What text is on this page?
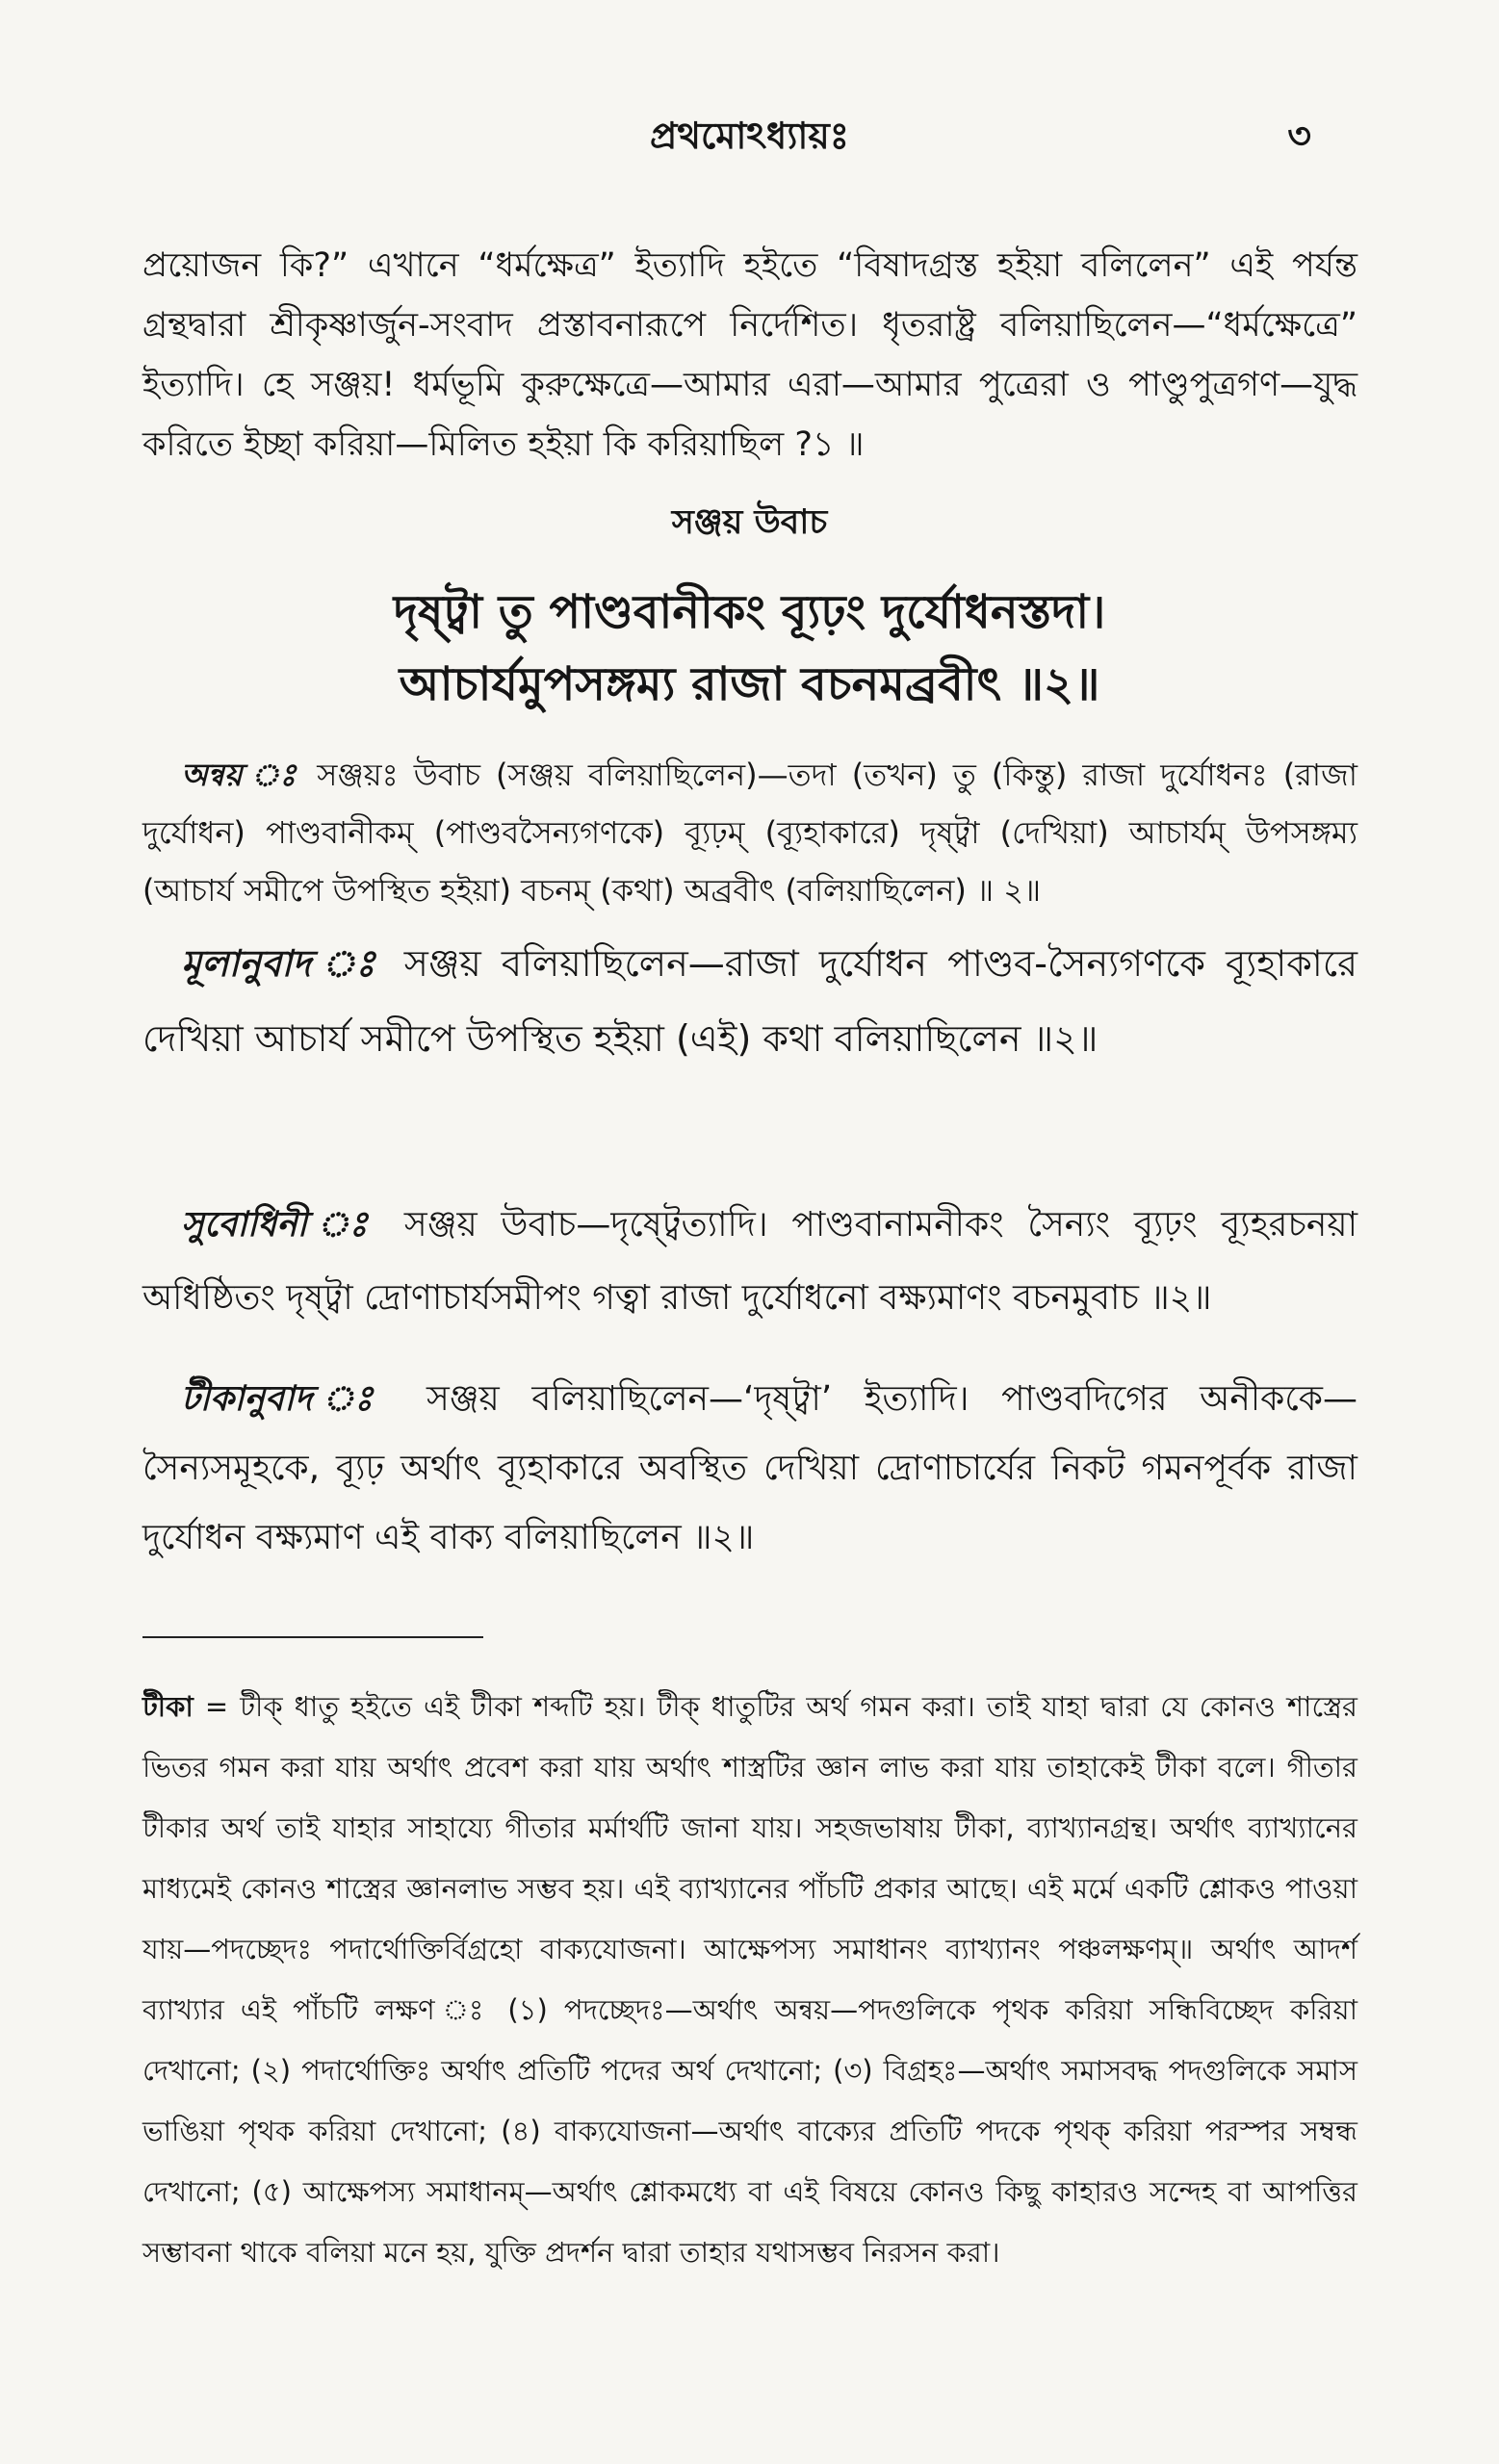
প্রথমোঽধ্যায়ঃ	৩
প্রয়োজন কি?” এখানে “ধর্মক্ষেত্র” ইত্যাদি হইতে “বিষাদগ্রস্ত হইয়া বলিলেন” এই পর্যন্ত গ্রন্থদ্বারা শ্রীকৃষ্ণার্জুন-সংবাদ প্রস্তাবনারূপে নির্দেশিত। ধৃতরাষ্ট্র বলিয়াছিলেন—“ধর্মক্ষেত্রে” ইত্যাদি। হে সঞ্জয়! ধর্মভূমি কুরুক্ষেত্রে—আমার এরা—আমার পুত্রেরা ও পাণ্ডুপুত্রগণ—যুদ্ধ করিতে ইচ্ছা করিয়া—মিলিত হইয়া কি করিয়াছিল ?১ ॥
সঞ্জয় উবাচ
দৃষ্ট্বা তু পাণ্ডবানীকং ব্যূঢ়ং দুর্যোধনস্তদা।
আচার্যমুপসঙ্গম্য রাজা বচনমব্রবীৎ ॥২॥
অন্বয় ঃ সঞ্জয়ঃ উবাচ (সঞ্জয় বলিয়াছিলেন)—তদা (তখন) তু (কিন্তু) রাজা দুর্যোধনঃ (রাজা দুর্যোধন) পাণ্ডবানীকম্ (পাণ্ডবসৈন্যগণকে) ব্যূঢ়ম্ (ব্যূহাকারে) দৃষ্ট্বা (দেখিয়া) আচার্যম্ উপসঙ্গম্য (আচার্য সমীপে উপস্থিত হইয়া) বচনম্ (কথা) অব্রবীৎ (বলিয়াছিলেন) ॥ ২॥
মূলানুবাদ ঃ সঞ্জয় বলিয়াছিলেন—রাজা দুর্যোধন পাণ্ডব-সৈন্যগণকে ব্যূহাকারে দেখিয়া আচার্য সমীপে উপস্থিত হইয়া (এই) কথা বলিয়াছিলেন ॥২॥
সুবোধিনী ঃ সঞ্জয় উবাচ—দৃষ্ট্বেত্যাদি। পাণ্ডবানামনীকং সৈন্যং ব্যূঢ়ং ব্যূহরচনয়া অধিষ্ঠিতং দৃষ্ট্বা দ্রোণাচার্যসমীপং গত্বা রাজা দুর্যোধনো বক্ষ্যমাণং বচনমুবাচ ॥২॥
টীকানুবাদ ঃ সঞ্জয় বলিয়াছিলেন—‘দৃষ্ট্বা’ ইত্যাদি। পাণ্ডবদিগের অনীককে—সৈন্যসমূহকে, ব্যূঢ় অর্থাৎ ব্যূহাকারে অবস্থিত দেখিয়া দ্রোণাচার্যের নিকট গমনপূর্বক রাজা দুর্যোধন বক্ষ্যমাণ এই বাক্য বলিয়াছিলেন ॥২॥
টীকা = টীক্ ধাতু হইতে এই টীকা শব্দটি হয়। টীক্ ধাতুটির অর্থ গমন করা। তাই যাহা দ্বারা যে কোনও শাস্ত্রের ভিতর গমন করা যায় অর্থাৎ প্রবেশ করা যায় অর্থাৎ শাস্ত্রটির জ্ঞান লাভ করা যায় তাহাকেই টীকা বলে। গীতার টীকার অর্থ তাই যাহার সাহায্যে গীতার মর্মার্থটি জানা যায়। সহজভাষায় টীকা, ব্যাখ্যানগ্রন্থ। অর্থাৎ ব্যাখ্যানের মাধ্যমেই কোনও শাস্ত্রের জ্ঞানলাভ সম্ভব হয়। এই ব্যাখ্যানের পাঁচটি প্রকার আছে। এই মর্মে একটি শ্লোকও পাওয়া যায়—পদচ্ছেদঃ পদার্থোক্তির্বিগ্রহো বাক্যযোজনা। আক্ষেপস্য সমাধানং ব্যাখ্যানং পঞ্চলক্ষণম্॥ অর্থাৎ আদর্শ ব্যাখ্যার এই পাঁচটি লক্ষণ ঃ (১) পদচ্ছেদঃ—অর্থাৎ অন্বয়—পদগুলিকে পৃথক করিয়া সন্ধিবিচ্ছেদ করিয়া দেখানো; (২) পদার্থোক্তিঃ অর্থাৎ প্রতিটি পদের অর্থ দেখানো; (৩) বিগ্রহঃ—অর্থাৎ সমাসবদ্ধ পদগুলিকে সমাস ভাঙিয়া পৃথক করিয়া দেখানো; (৪) বাক্যযোজনা—অর্থাৎ বাক্যের প্রতিটি পদকে পৃথক্ করিয়া পরস্পর সম্বন্ধ দেখানো; (৫) আক্ষেপস্য সমাধানম্—অর্থাৎ শ্লোকমধ্যে বা এই বিষয়ে কোনও কিছু কাহারও সন্দেহ বা আপত্তির সম্ভাবনা থাকে বলিয়া মনে হয়, যুক্তি প্রদর্শন দ্বারা তাহার যথাসম্ভব নিরসন করা।
